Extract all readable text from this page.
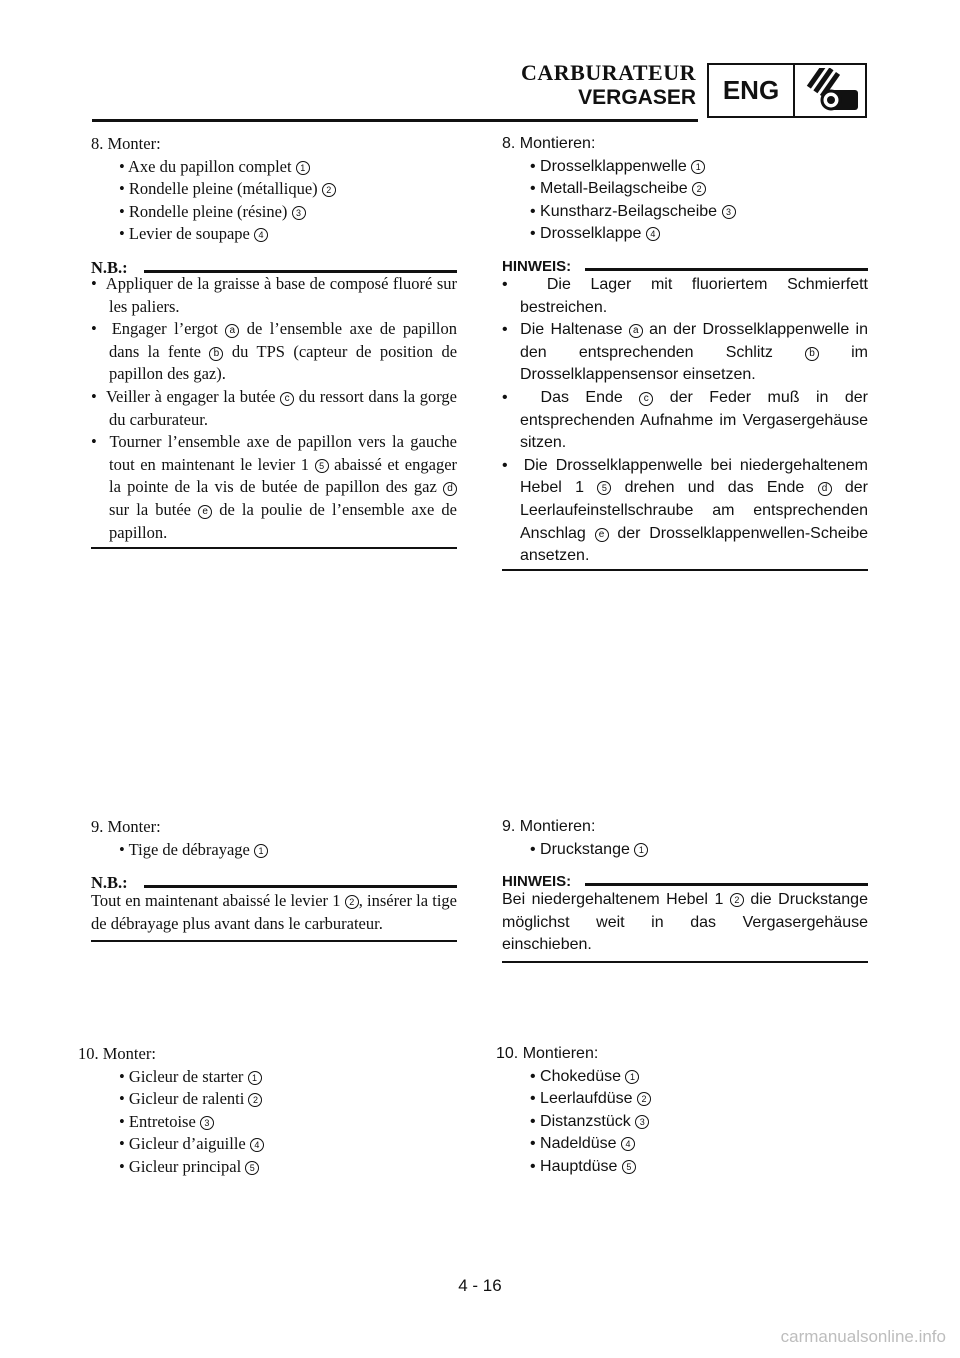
CARBURATEUR
VERGASER	ENG
8. Monter:
• Axe du papillon complet 1
• Rondelle pleine (métallique) 2
• Rondelle pleine (résine) 3
• Levier de soupape 4
N.B.:
•  Appliquer de la graisse à base de composé fluoré sur les paliers.
•  Engager l’ergot a de l’ensemble axe de papillon dans la fente b du TPS (capteur de position de papillon des gaz).
•  Veiller à engager la butée c du ressort dans la gorge du carburateur.
•  Tourner l’ensemble axe de papillon vers la gauche tout en maintenant le levier 1 5 abaissé et engager la pointe de la vis de butée de papillon des gaz d sur la butée e de la poulie de l’ensemble axe de papillon.
9. Monter:
• Tige de débrayage 1
N.B.:
Tout en maintenant abaissé le levier 1 2 , insérer la tige de débrayage plus avant dans le carburateur.
10. Monter:
• Gicleur de starter 1
• Gicleur de ralenti 2
• Entretoise 3
• Gicleur d’aiguille 4
• Gicleur principal 5
8. Montieren:
• Drosselklappenwelle 1
• Metall-Beilagscheibe 2
• Kunstharz-Beilagscheibe 3
• Drosselklappe 4
HINWEIS:
•  Die Lager mit fluoriertem Schmierfett bestreichen.
•  Die Haltenase a an der Drosselklappenwelle in den entsprechenden Schlitz	b im Drosselklappensensor einsetzen.
•  Das Ende c der Feder muß in der entsprechenden Aufnahme im Vergasergehäuse sitzen.
•  Die Drosselklappenwelle bei niedergehaltenem Hebel 1 5 drehen und das Ende d der Leerlaufeinstellschraube am entsprechenden Anschlag e der Drosselklappenwellen-Scheibe ansetzen.
9. Montieren:
• Druckstange 1
HINWEIS:
Bei niedergehaltenem Hebel 1 2 die Druckstange möglichst weit in das Vergasergehäuse einschieben.
10. Montieren:
• Chokedüse 1
• Leerlaufdüse 2
• Distanzstück 3
• Nadeldüse 4
• Hauptdüse 5
4 - 16
carmanualsonline.info
